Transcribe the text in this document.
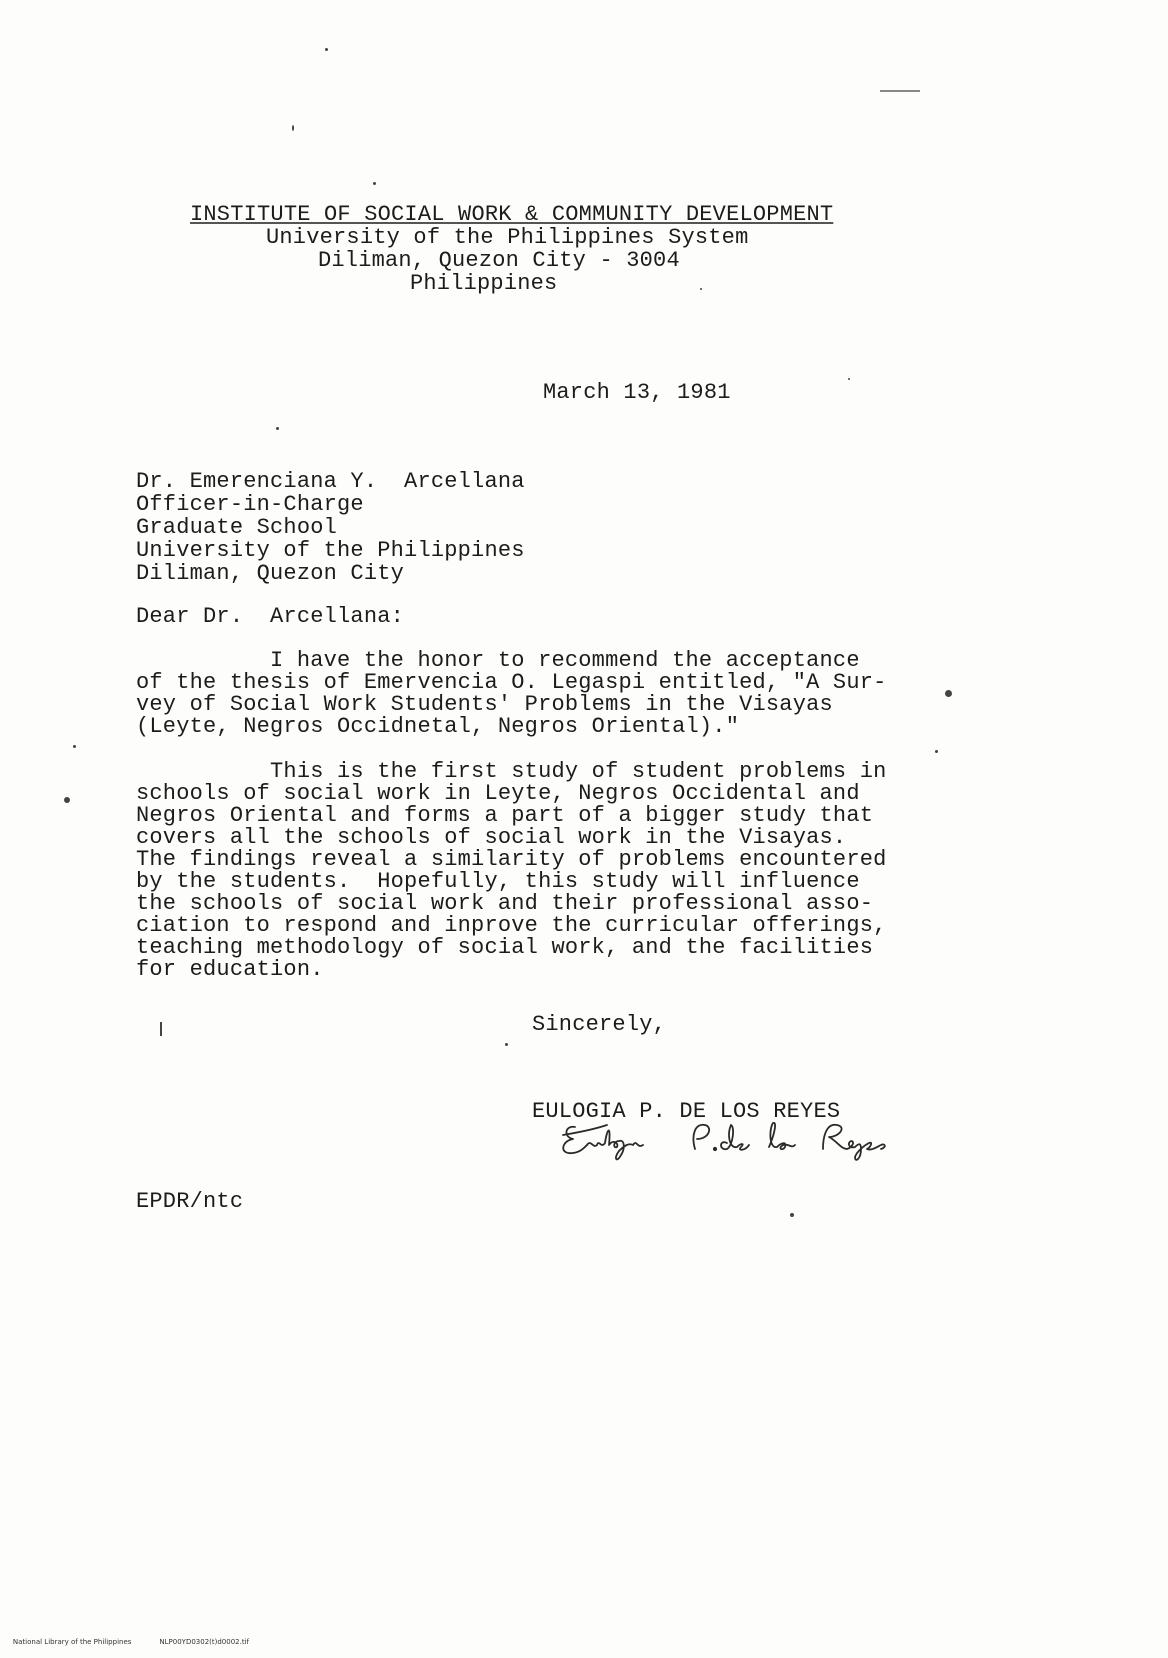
INSTITUTE OF SOCIAL WORK & COMMUNITY DEVELOPMENT
University of the Philippines System
Diliman, Quezon City - 3004
Philippines
March 13, 1981
Dr. Emerenciana Y.  Arcellana
Officer-in-Charge
Graduate School
University of the Philippines
Diliman, Quezon City
Dear Dr.  Arcellana:
I have the honor to recommend the acceptance
of the thesis of Emervencia O. Legaspi entitled, "A Sur-
vey of Social Work Students' Problems in the Visayas
(Leyte, Negros Occidnetal, Negros Oriental)."
This is the first study of student problems in
schools of social work in Leyte, Negros Occidental and
Negros Oriental and forms a part of a bigger study that
covers all the schools of social work in the Visayas.
The findings reveal a similarity of problems encountered
by the students.  Hopefully, this study will influence
the schools of social work and their professional asso-
ciation to respond and inprove the curricular offerings,
teaching methodology of social work, and the facilities
for education.
Sincerely,
EULOGIA P. DE LOS REYES
EPDR/ntc

National Library of the Philippines	NLP00YD0302(t)d0002.tif
